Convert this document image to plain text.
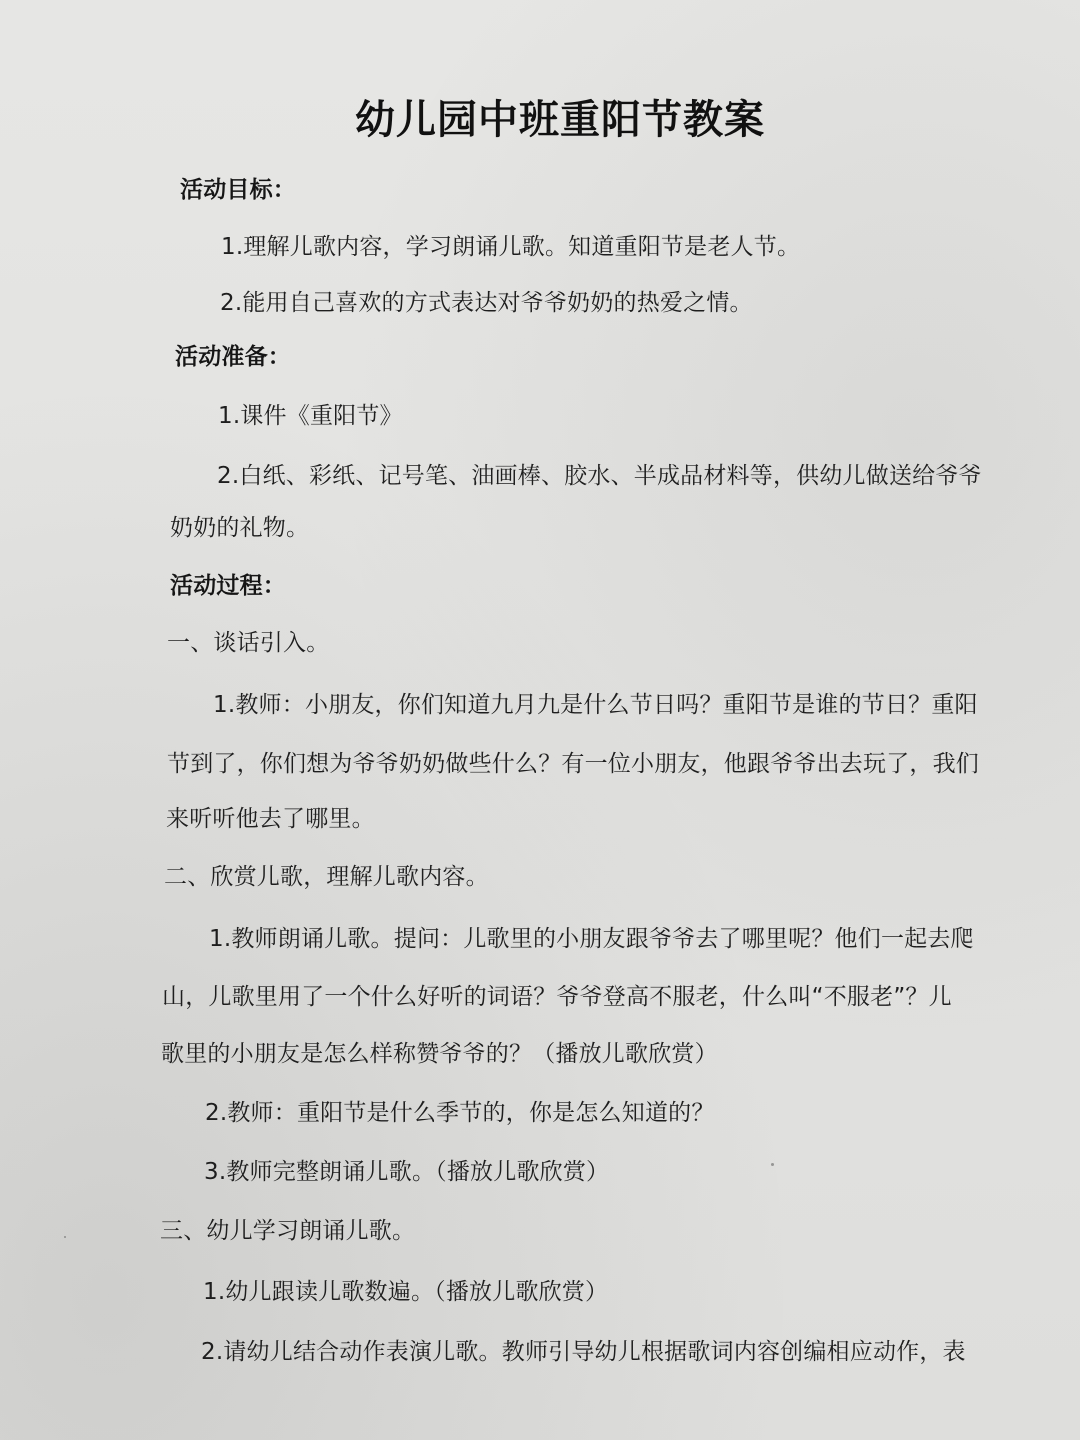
幼儿园中班重阳节教案
活动目标：
1.理解儿歌内容，学习朗诵儿歌。知道重阳节是老人节。
2.能用自己喜欢的方式表达对爷爷奶奶的热爱之情。
活动准备：
1.课件《重阳节》
2.白纸、彩纸、记号笔、油画棒、胶水、半成品材料等，供幼儿做送给爷爷
奶奶的礼物。
活动过程：
一、谈话引入。
1.教师：小朋友，你们知道九月九是什么节日吗？重阳节是谁的节日？重阳
节到了，你们想为爷爷奶奶做些什么？有一位小朋友，他跟爷爷出去玩了，我们
来听听他去了哪里。
二、欣赏儿歌，理解儿歌内容。
1.教师朗诵儿歌。提问：儿歌里的小朋友跟爷爷去了哪里呢？他们一起去爬
山，儿歌里用了一个什么好听的词语？爷爷登高不服老，什么叫“不服老”？儿
歌里的小朋友是怎么样称赞爷爷的？（播放儿歌欣赏）
2.教师：重阳节是什么季节的，你是怎么知道的？
3.教师完整朗诵儿歌。（播放儿歌欣赏）
三、幼儿学习朗诵儿歌。
1.幼儿跟读儿歌数遍。（播放儿歌欣赏）
2.请幼儿结合动作表演儿歌。教师引导幼儿根据歌词内容创编相应动作，表
